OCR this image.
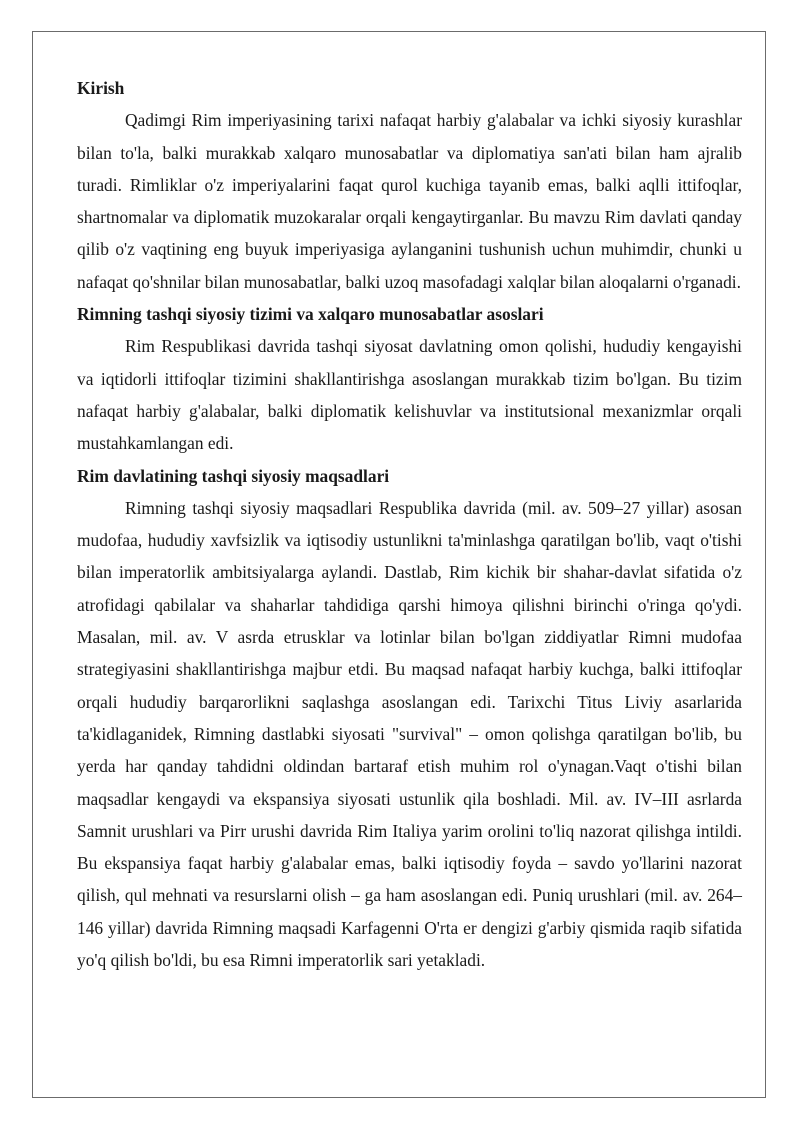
Kirish

Qadimgi Rim imperiyasining tarixi nafaqat harbiy g'alabalar va ichki siyosiy kurashlar bilan to'la, balki murakkab xalqaro munosabatlar va diplomatiya san'ati bilan ham ajralib turadi. Rimliklar o'z imperiyalarini faqat qurol kuchiga tayanib emas, balki aqlli ittifoqlar, shartnomalar va diplomatik muzokaralar orqali kengaytirganlar. Bu mavzu Rim davlati qanday qilib o'z vaqtining eng buyuk imperiyasiga aylanganini tushunish uchun muhimdir, chunki u nafaqat qo'shnilar bilan munosabatlar, balki uzoq masofadagi xalqlar bilan aloqalarni o'rganadi.

Rimning tashqi siyosiy tizimi va xalqaro munosabatlar asoslari

Rim Respublikasi davrida tashqi siyosat davlatning omon qolishi, hududiy kengayishi va iqtidorli ittifoqlar tizimini shakllantirishga asoslangan murakkab tizim bo'lgan. Bu tizim nafaqat harbiy g'alabalar, balki diplomatik kelishuvlar va institutsional mexanizmlar orqali mustahkamlangan edi.

Rim davlatining tashqi siyosiy maqsadlari

Rimning tashqi siyosiy maqsadlari Respublika davrida (mil. av. 509–27 yillar) asosan mudofaa, hududiy xavfsizlik va iqtisodiy ustunlikni ta'minlashga qaratilgan bo'lib, vaqt o'tishi bilan imperatorlik ambitsiyalarga aylandi. Dastlab, Rim kichik bir shahar-davlat sifatida o'z atrofidagi qabilalar va shaharlar tahdidiga qarshi himoya qilishni birinchi o'ringa qo'ydi. Masalan, mil. av. V asrda etrusklar va lotinlar bilan bo'lgan ziddiyatlar Rimni mudofaa strategiyasini shakllantirishga majbur etdi. Bu maqsad nafaqat harbiy kuchga, balki ittifoqlar orqali hududiy barqarorlikni saqlashga asoslangan edi. Tarixchi Titus Liviy asarlarida ta'kidlaganidek, Rimning dastlabki siyosati "survival" – omon qolishga qaratilgan bo'lib, bu yerda har qanday tahdidni oldindan bartaraf etish muhim rol o'ynagan.Vaqt o'tishi bilan maqsadlar kengaydi va ekspansiya siyosati ustunlik qila boshladi. Mil. av. IV–III asrlarda Samnit urushlari va Pirr urushi davrida Rim Italiya yarim orolini to'liq nazorat qilishga intildi. Bu ekspansiya faqat harbiy g'alabalar emas, balki iqtisodiy foyda – savdo yo'llarini nazorat qilish, qul mehnati va resurslarni olish – ga ham asoslangan edi. Puniq urushlari (mil. av. 264–146 yillar) davrida Rimning maqsadi Karfagenni O'rta er dengizi g'arbiy qismida raqib sifatida yo'q qilish bo'ldi, bu esa Rimni imperatorlik sari yetakladi.
